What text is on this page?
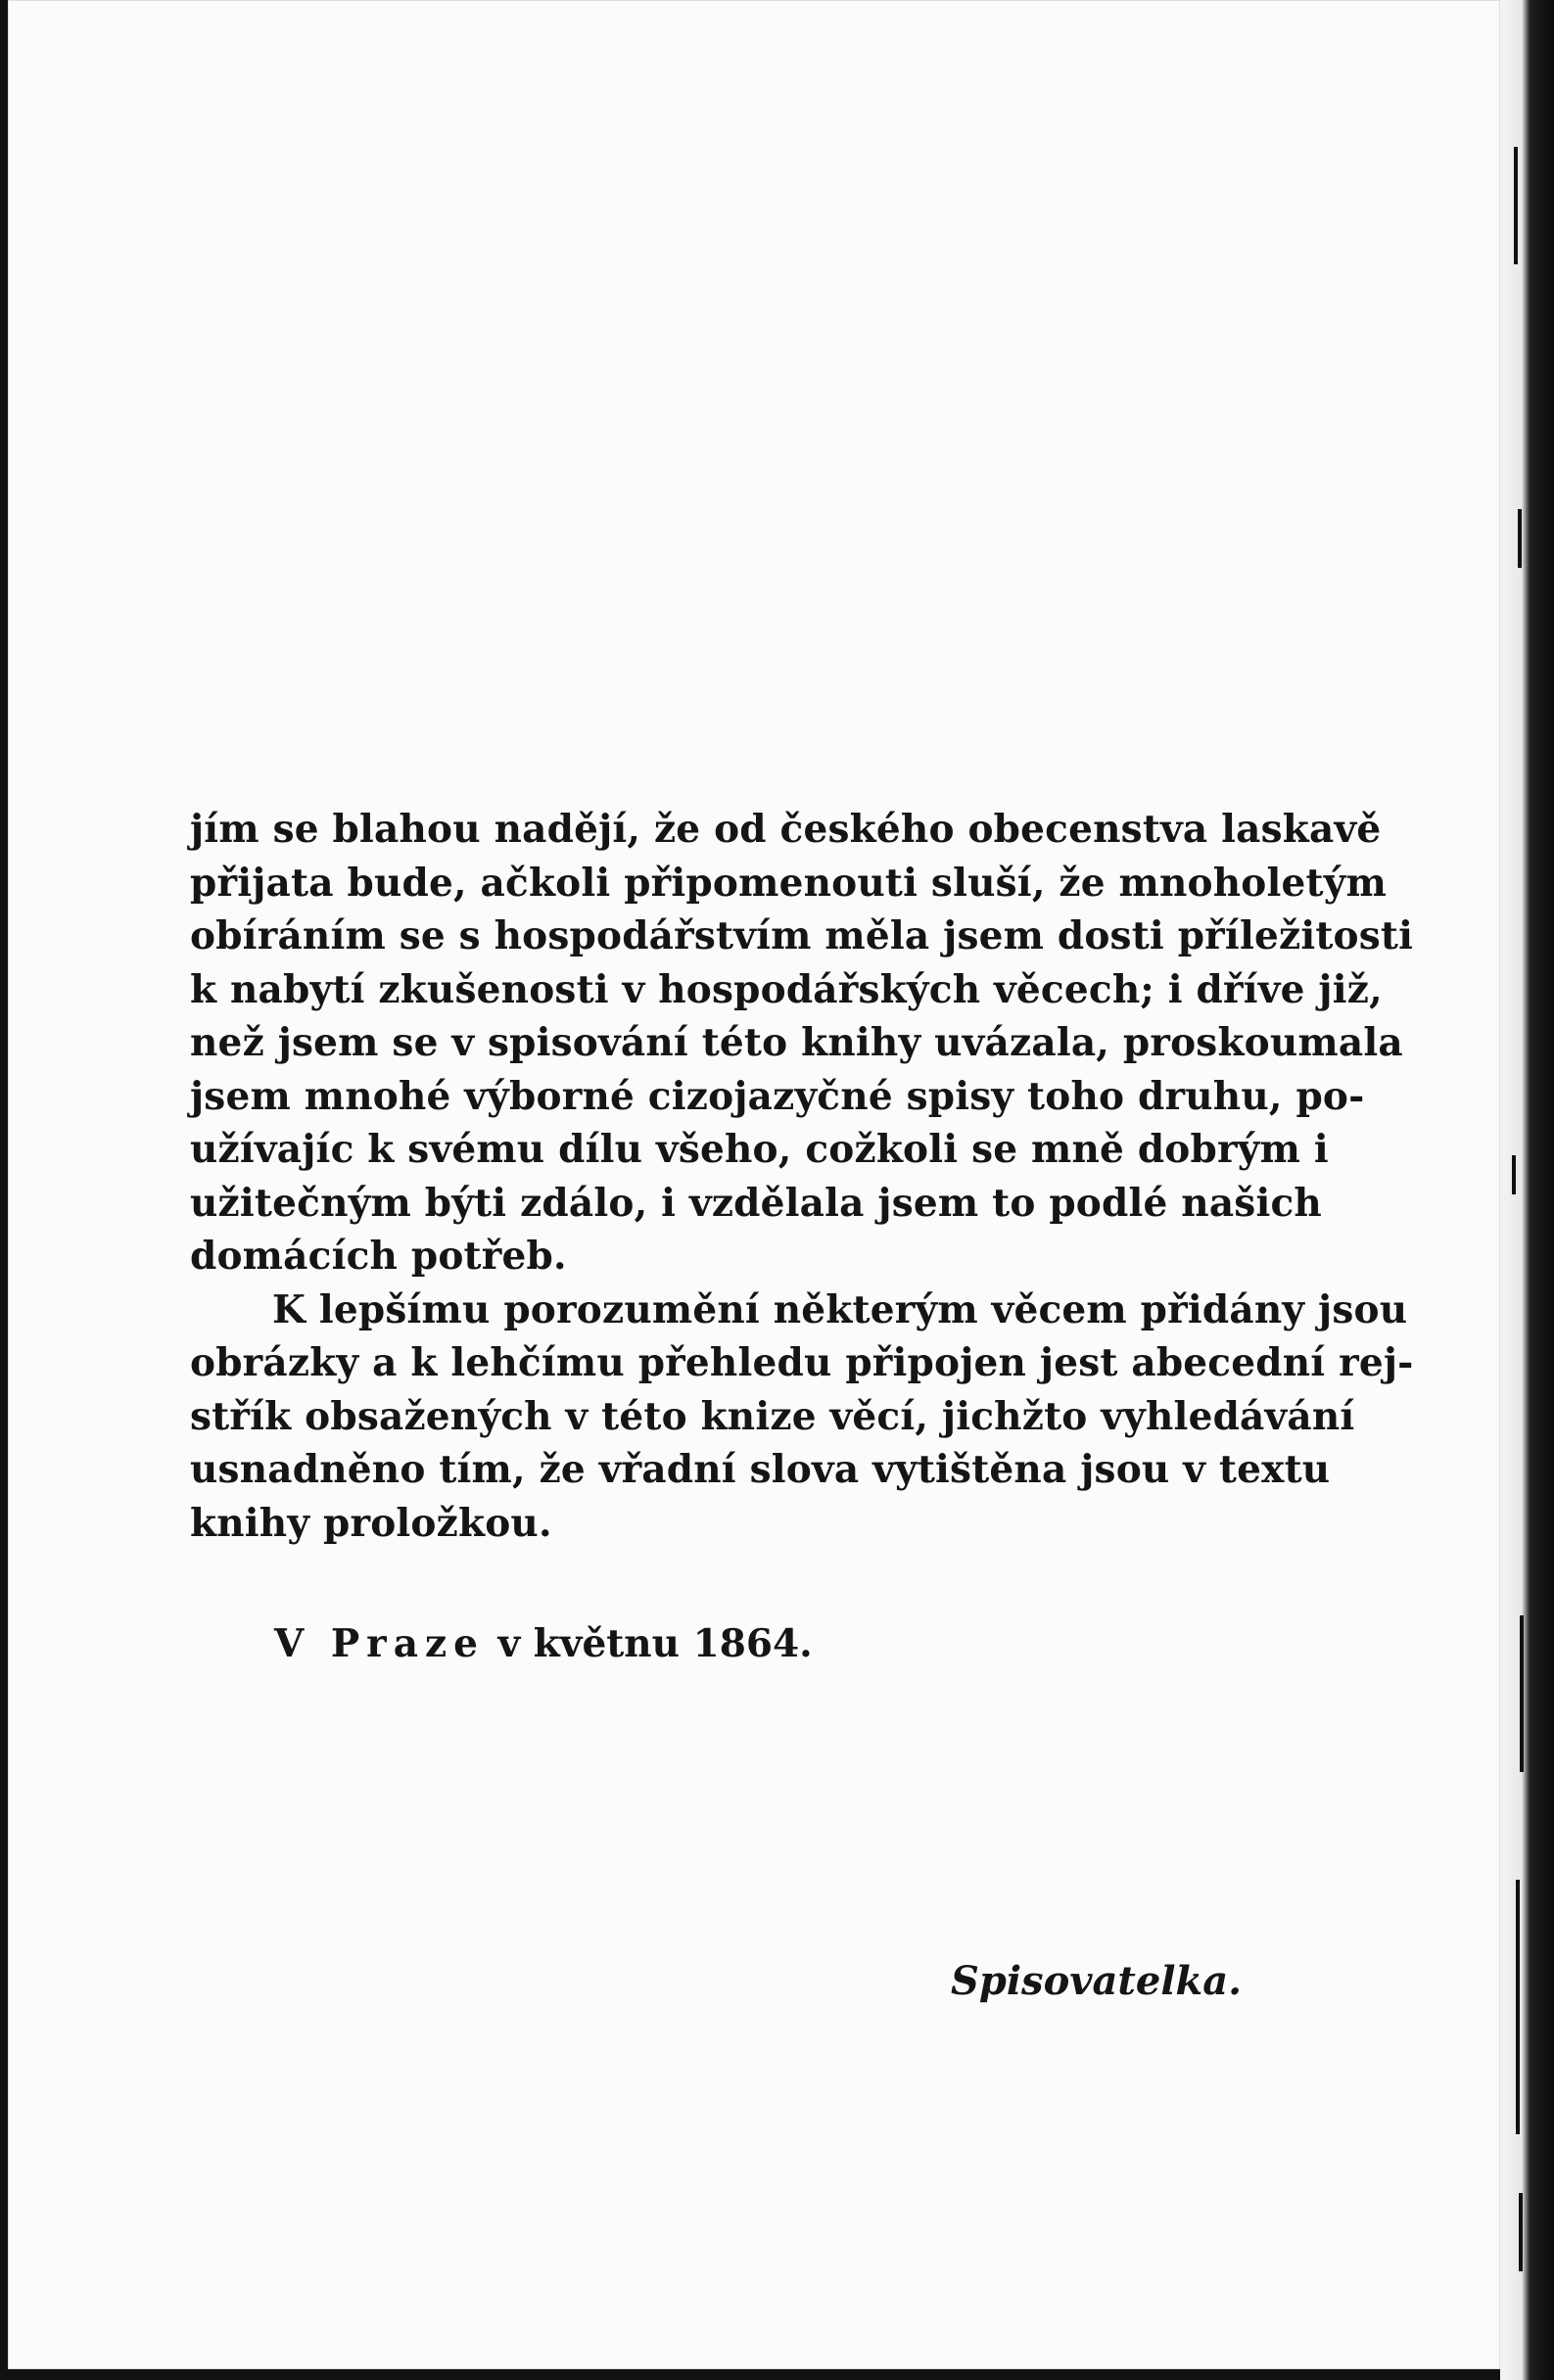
jím se blahou nadějí, že od českého obecenstva laskavě
přijata bude, ačkoli připomenouti sluší, že mnoholetým
obíráním se s hospodářstvím měla jsem dosti příležitosti
k nabytí zkušenosti v hospodářských věcech; i dříve již,
než jsem se v spisování této knihy uvázala, proskoumala
jsem mnohé výborné cizojazyčné spisy toho druhu, po-
užívajíc k svému dílu všeho, cožkoli se mně dobrým i
užitečným býti zdálo, i vzdělala jsem to podlé našich
domácích potřeb.
K lepšímu porozumění některým věcem přidány jsou
obrázky a k lehčímu přehledu připojen jest abecední rej-
střík obsažených v této knize věcí, jichžto vyhledávání
usnadněno tím, že vřadní slova vytištěna jsou v textu
knihy proložkou.
V Praze v květnu 1864.
Spisovatelka.
